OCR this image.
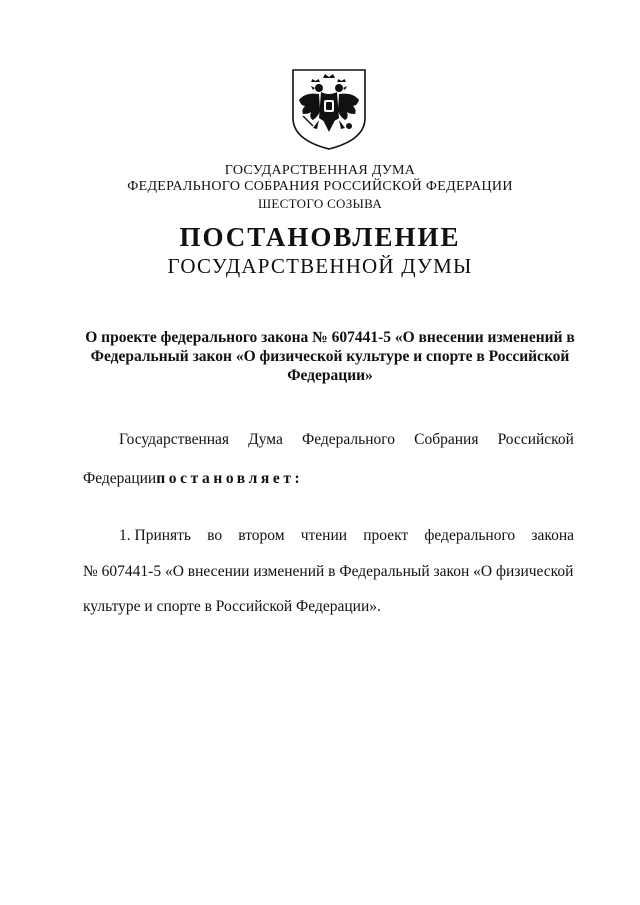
ГОСУДАРСТВЕННАЯ ДУМА
ФЕДЕРАЛЬНОГО СОБРАНИЯ РОССИЙСКОЙ ФЕДЕРАЦИИ
ШЕСТОГО СОЗЫВА
ПОСТАНОВЛЕНИЕ
ГОСУДАРСТВЕННОЙ ДУМЫ
О проекте федерального закона № 607441-5 «О внесении изменений в
Федеральный закон «О физической культуре и спорте в Российской
Федерации»
Государственная Дума Федерального Собрания Российской
Федерациипостановляет:
1. Принять во втором чтении проект федерального закона
№ 607441-5 «О внесении изменений в Федеральный закон «О физической
культуре и спорте в Российской Федерации».
